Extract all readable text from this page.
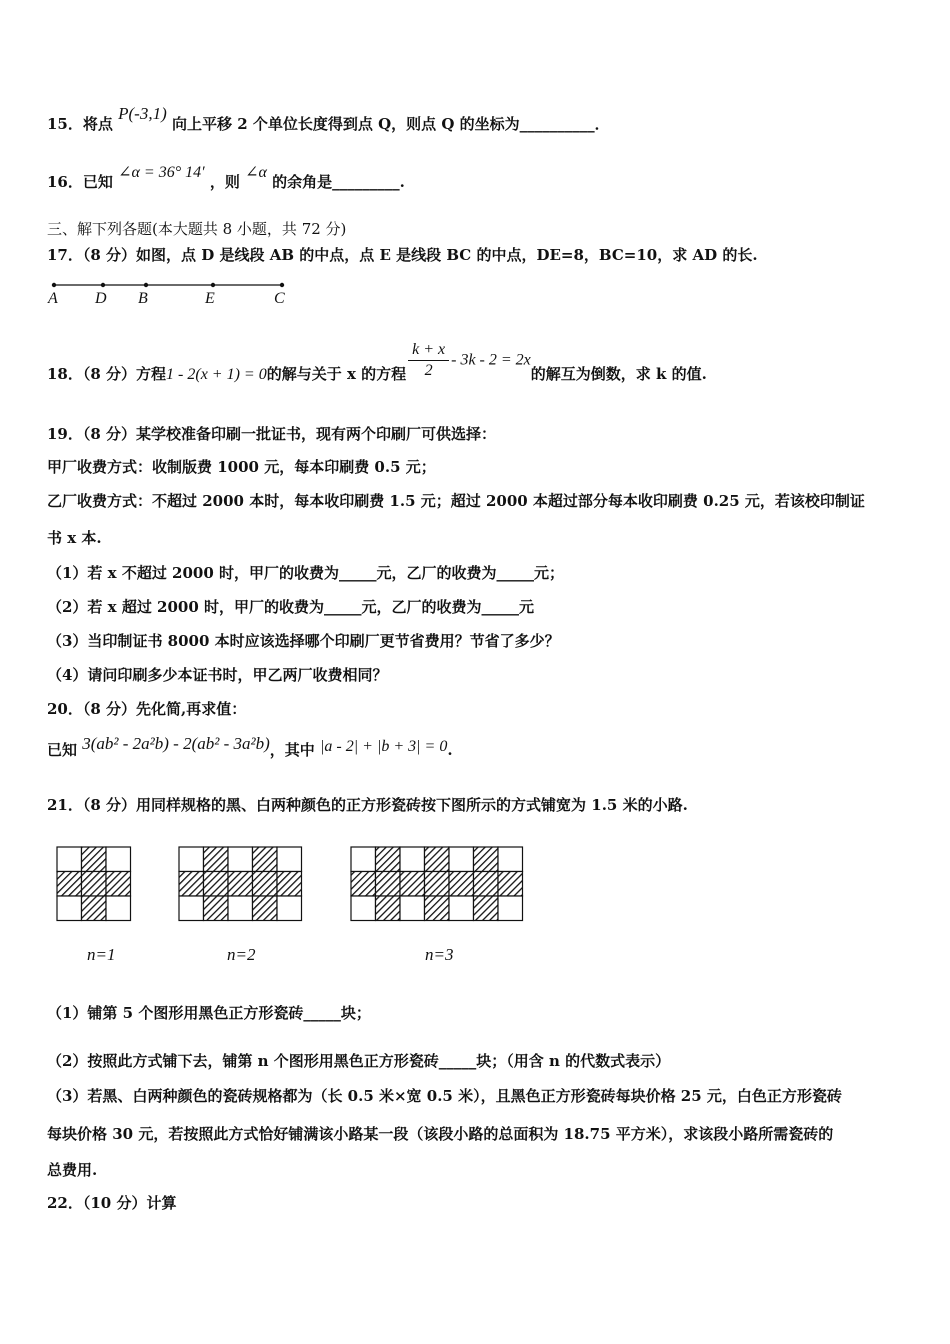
15．将点 P(-3,1) 向上平移 2 个单位长度得到点 Q，则点 Q 的坐标为__________．
16．已知 ∠α = 36° 14′ ，则 ∠α 的余角是_________.
三、解下列各题(本大题共 8 小题，共 72 分)
17．（8 分）如图，点 D 是线段 AB 的中点，点 E 是线段 BC 的中点，DE=8，BC=10，求 AD 的长.
A D B	E	C
18．（8 分）方程1 - 2(x + 1) = 0的解与关于 x 的方程 $\frac{k + x}{2} - 3k - 2 = 2x$的解互为倒数，求 k 的值.
19．（8 分）某学校准备印刷一批证书，现有两个印刷厂可供选择：
甲厂收费方式：收制版费 1000 元，每本印刷费 0.5 元；
乙厂收费方式：不超过 2000 本时，每本收印刷费 1.5 元；超过 2000 本超过部分每本收印刷费 0.25 元，若该校印制证
书 x 本.
（1）若 x 不超过 2000 时，甲厂的收费为_____元，乙厂的收费为_____元；
（2）若 x 超过 2000 时，甲厂的收费为_____元，乙厂的收费为_____元
（3）当印制证书 8000 本时应该选择哪个印刷厂更节省费用？节省了多少？
（4）请问印刷多少本证书时，甲乙两厂收费相同？
20．（8 分）先化简,再求值：
已知 3(ab² - 2a²b) - 2(ab² - 3a²b)，其中 |a - 2| + |b + 3| = 0.
21．（8 分）用同样规格的黑、白两种颜色的正方形瓷砖按下图所示的方式铺宽为 1.5 米的小路.
n=1	n=2	n=3
（1）铺第 5 个图形用黑色正方形瓷砖_____块；
（2）按照此方式铺下去，铺第 n 个图形用黑色正方形瓷砖_____块；（用含 n 的代数式表示）
（3）若黑、白两种颜色的瓷砖规格都为（长 0.5 米×宽 0.5 米），且黑色正方形瓷砖每块价格 25 元，白色正方形瓷砖
每块价格 30 元，若按照此方式恰好铺满该小路某一段（该段小路的总面积为 18.75 平方米），求该段小路所需瓷砖的
总费用.
22．（10 分）计算
